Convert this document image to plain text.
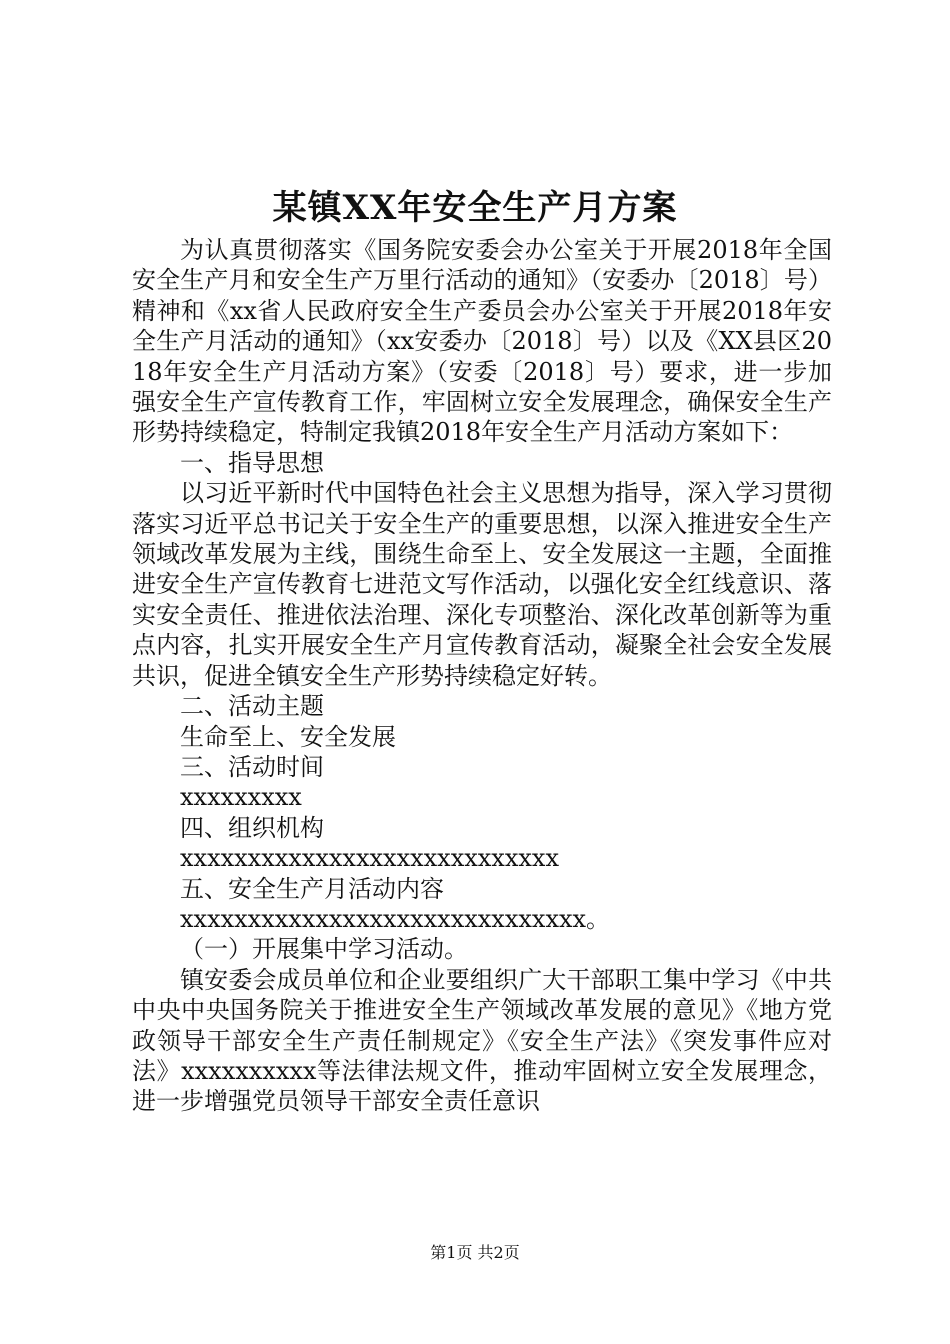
某镇XX年安全生产月方案

为认真贯彻落实《国务院安委会办公室关于开展2018年全国安全生产月和安全生产万里行活动的通知》（安委办〔2018〕号）精神和《xx省人民政府安全生产委员会办公室关于开展2018年安全生产月活动的通知》（xx安委办〔2018〕号）以及《XX县区2018年安全生产月活动方案》（安委〔2018〕号）要求，进一步加强安全生产宣传教育工作，牢固树立安全发展理念，确保安全生产形势持续稳定，特制定我镇2018年安全生产月活动方案如下：

一、指导思想

以习近平新时代中国特色社会主义思想为指导，深入学习贯彻落实习近平总书记关于安全生产的重要思想，以深入推进安全生产领域改革发展为主线，围绕生命至上、安全发展这一主题，全面推进安全生产宣传教育七进范文写作活动，以强化安全红线意识、落实安全责任、推进依法治理、深化专项整治、深化改革创新等为重点内容，扎实开展安全生产月宣传教育活动，凝聚全社会安全发展共识，促进全镇安全生产形势持续稳定好转。

二、活动主题

生命至上、安全发展

三、活动时间

xxxxxxxxx

四、组织机构

xxxxxxxxxxxxxxxxxxxxxxxxxxxx

五、安全生产月活动内容

xxxxxxxxxxxxxxxxxxxxxxxxxxxxxx。

（一）开展集中学习活动。

镇安委会成员单位和企业要组织广大干部职工集中学习《中共中央中央国务院关于推进安全生产领域改革发展的意见》《地方党政领导干部安全生产责任制规定》《安全生产法》《突发事件应对法》xxxxxxxxxx等法律法规文件，推动牢固树立安全发展理念，进一步增强党员领导干部安全责任意识

第1页 共2页
